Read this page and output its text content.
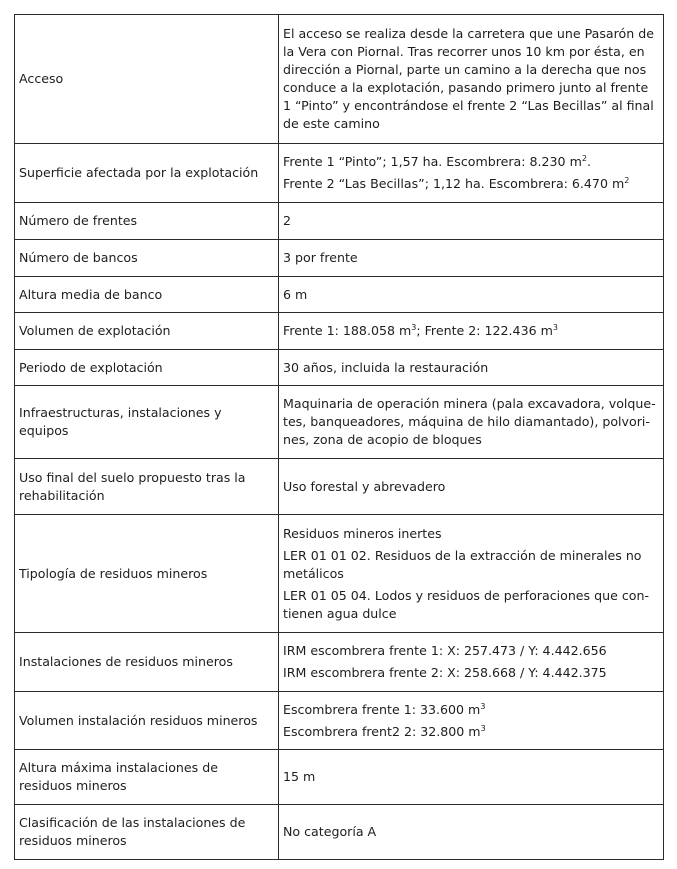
Acceso	El acceso se realiza desde la carretera que une Pasarón de la Vera con Piornal. Tras recorrer unos 10 km por ésta, en dirección a Piornal, parte un camino a la derecha que nos conduce a la explotación, pasando primero junto al frente 1 “Pinto” y encontrándose el frente 2 “Las Becillas” al final de este camino
Superficie afectada por la explotación	Frente 1 “Pinto”; 1,57 ha. Escombrera: 8.230 $m^2$.
Frente 2 “Las Becillas”; 1,12 ha. Escombrera: 6.470 $m^2$

Número de frentes	2
Número de bancos	3 por frente
Altura media de banco	6 m
Volumen de explotación	Frente 1: 188.058 $m^3$; Frente 2: 122.436 $m^3$
Periodo de explotación	30 años, incluida la restauración
Infraestructuras, instalaciones y equipos	Maquinaria de operación minera (pala excavadora, volque-tes, banqueadores, máquina de hilo diamantado), polvori-nes, zona de acopio de bloques
Uso final del suelo propuesto tras la rehabilitación	Uso forestal y abrevadero
Tipología de residuos mineros	Residuos mineros inertes
LER 01 01 02. Residuos de la extracción de minerales no metálicos
LER 01 05 04. Lodos y residuos de perforaciones que con-tienen agua dulce

Instalaciones de residuos mineros	IRM escombrera frente 1: X: 257.473 / Y: 4.442.656
IRM escombrera frente 2: X: 258.668 / Y: 4.442.375

Volumen instalación residuos mineros	Escombrera frente 1: 33.600 $m^3$
Escombrera frent2 2: 32.800 $m^3$

Altura máxima instalaciones de residuos mineros	15 m
Clasificación de las instalaciones de residuos mineros	No categoría A
